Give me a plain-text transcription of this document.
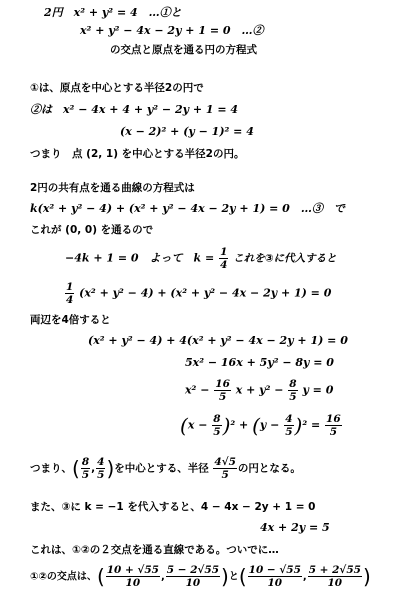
2円　x² + y² = 4　…①と
x² + y² − 4x − 2y + 1 = 0　…②
の交点と原点を通る円の方程式
①は、原点を中心とする半径2の円で
②は　x² − 4x + 4 + y² − 2y + 1 = 4
(x − 2)² + (y − 1)² = 4
つまり　点 (2, 1) を中心とする半径2の円。
2円の共有点を通る曲線の方程式は
k(x² + y² − 4) + (x² + y² − 4x − 2y + 1) = 0　…③　で
これが (0, 0) を通るので
−4k + 1 = 0　よって　$k = \frac{1}{4}$ これを③に代入すると
$\frac{1}{4} (x^2 + y^2 - 4) + (x^2 + y^2 - 4x - 2y + 1) = 0$
両辺を4倍すると
(x² + y² − 4) + 4(x² + y² − 4x − 2y + 1) = 0
5x² − 16x + 5y² − 8y = 0
$x^2 - \frac{16}{5}$ $x + y^2 - \frac{8}{5}$ y = 0
$(x - \frac{8}{5} )^2 + (y - \frac{4}{5} )^2 = \frac{16}{5}$
つまり、( $\frac{8}{5}$ , $\frac{4}{5}$ )を中心とする、半径 $\frac{4√5}{5}$ の円となる。
また、③に k = −1 を代入すると、4 − 4x − 2y + 1 = 0
4x + 2y = 5
これは、①②の２交点を通る直線である。ついでに…
①②の交点は、( $\frac{10 + √55}{10}$ , $\frac{5 - 2√55}{10}$ )と( $\frac{10 - √55}{10}$ , $\frac{5 + 2√55}{10}$ )
